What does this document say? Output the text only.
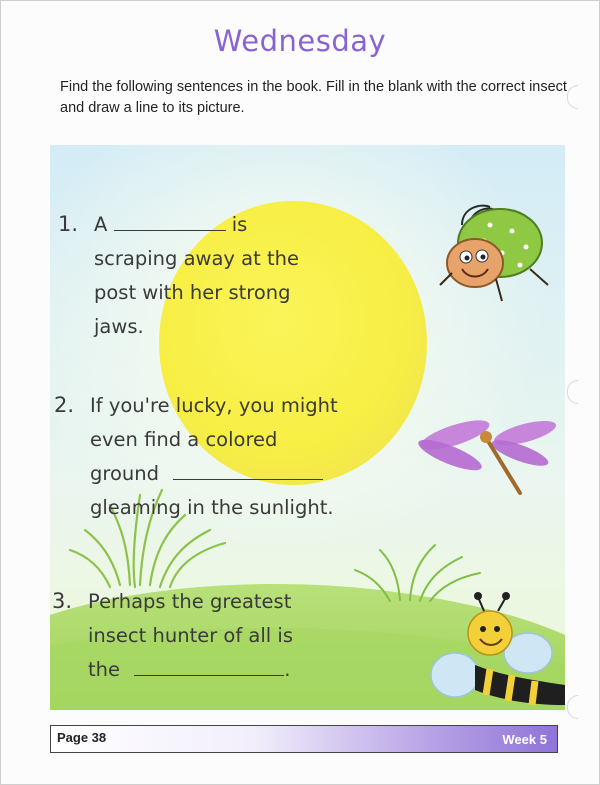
Wednesday
Find the following sentences in the book. Fill in the blank with the correct insect and draw a line to its picture.
1. A	is
scraping away at the
post with her strong
jaws.
2. If you're lucky, you might
even find a colored
ground
gleaming in the sunlight.
3. Perhaps the greatest
insect hunter of all is
the	.
Page 38	Week 5
